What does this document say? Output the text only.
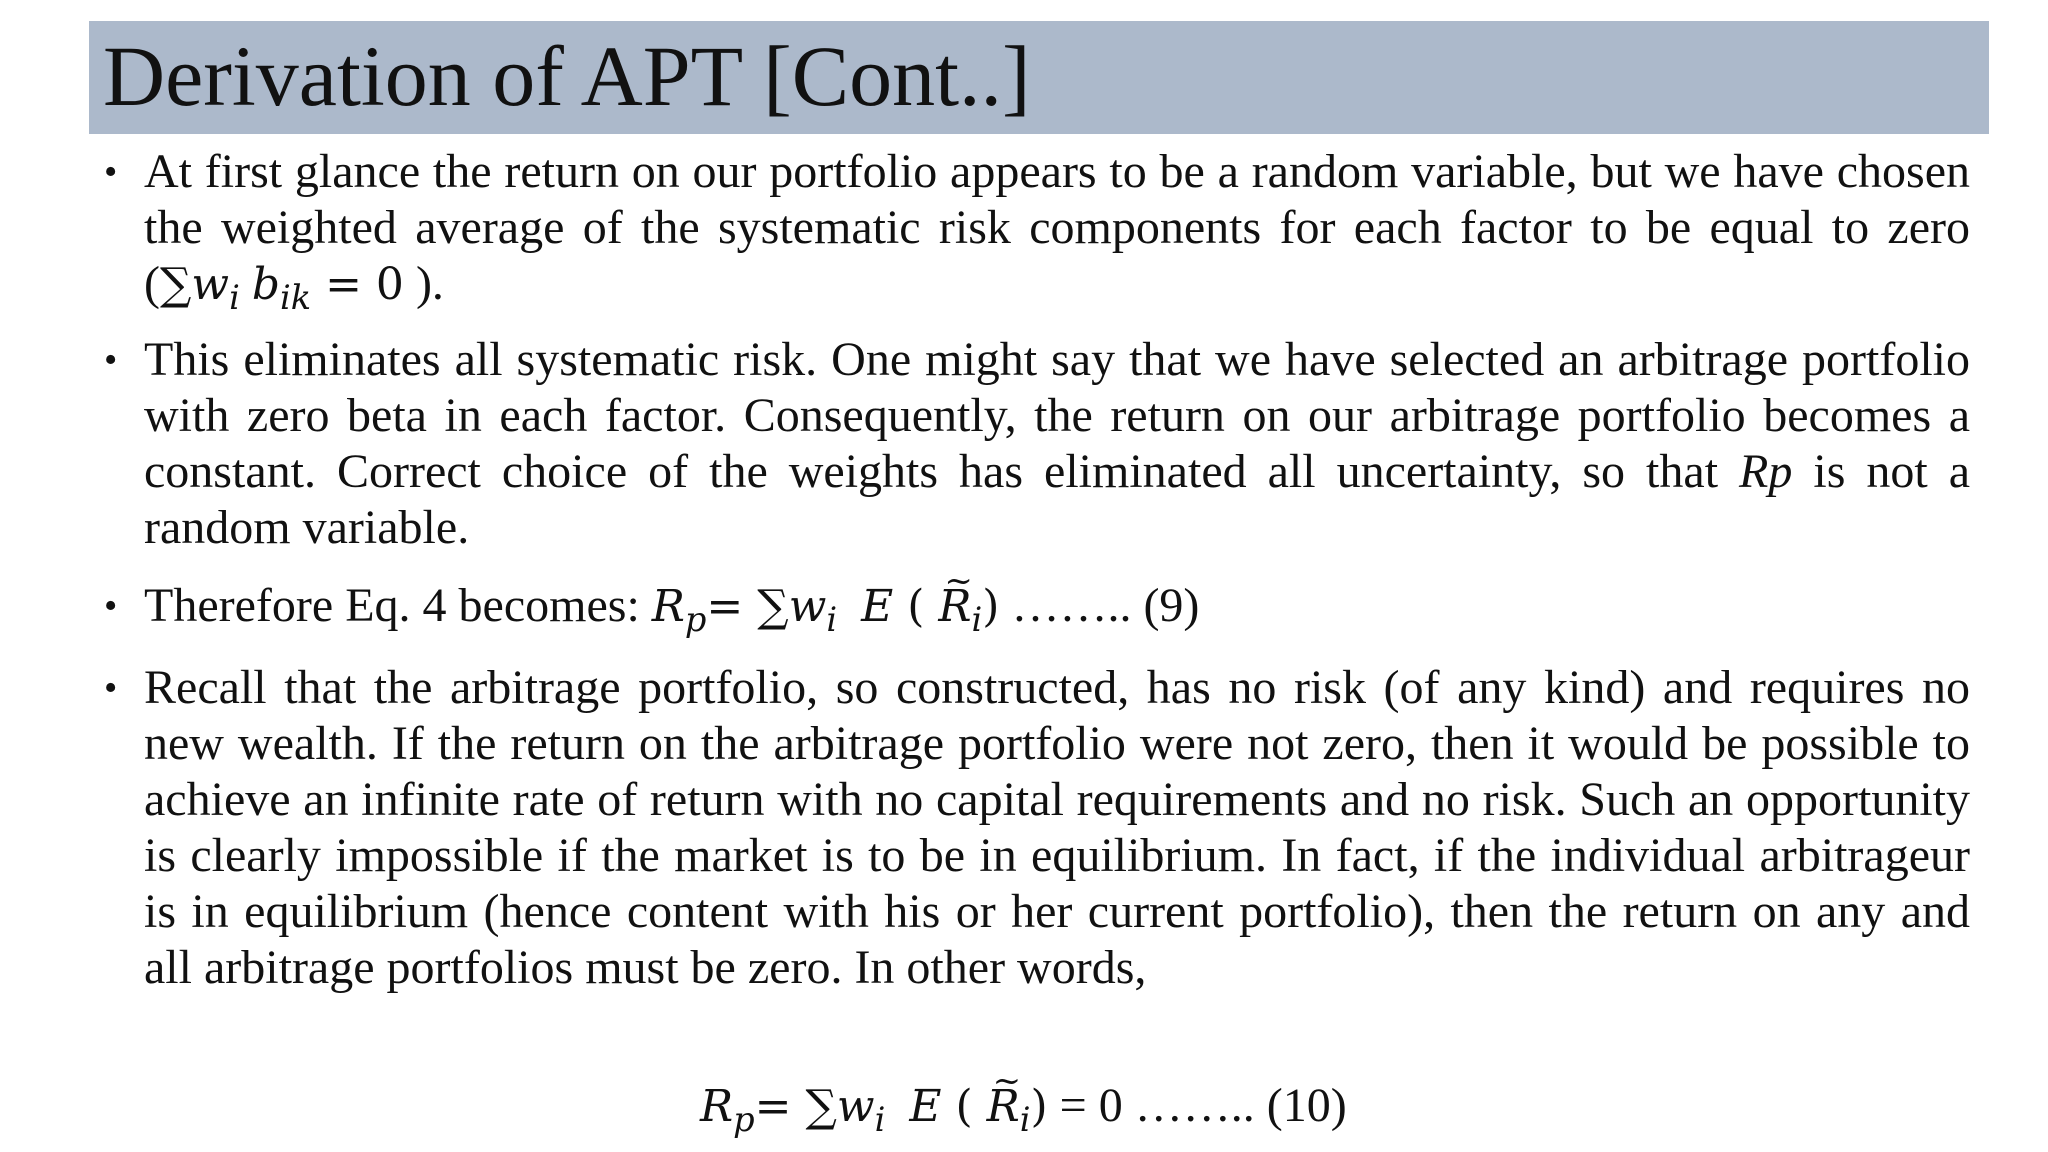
Derivation of APT [Cont..]
• At first glance the return on our portfolio appears to be a random variable, but we have chosen the weighted average of the systematic risk components for each factor to be equal to zero ($\sum w_i$ $b_{ik} = 0$ ).
• This eliminates all systematic risk. One might say that we have selected an arbitrage portfolio with zero beta in each factor. Consequently, the return on our arbitrage portfolio becomes a constant. Correct choice of the weights has eliminated all uncertainty, so that Rp is not a random variable.
• Therefore Eq. 4 becomes: $R_p= \sum w_i$ E ( ~ $R_i$) …….. (9)
• Recall that the arbitrage portfolio, so constructed, has no risk (of any kind) and requires no new wealth. If the return on the arbitrage portfolio were not zero, then it would be possible to achieve an infinite rate of return with no capital requirements and no risk. Such an opportunity is clearly impossible if the market is to be in equilibrium. In fact, if the individual arbitrageur is in equilibrium (hence content with his or her current portfolio), then the return on any and all arbitrage portfolios must be zero. In other words,
$R_p= \sum w_i$ E ( ~ $R_i) = 0$ …….. (10)
